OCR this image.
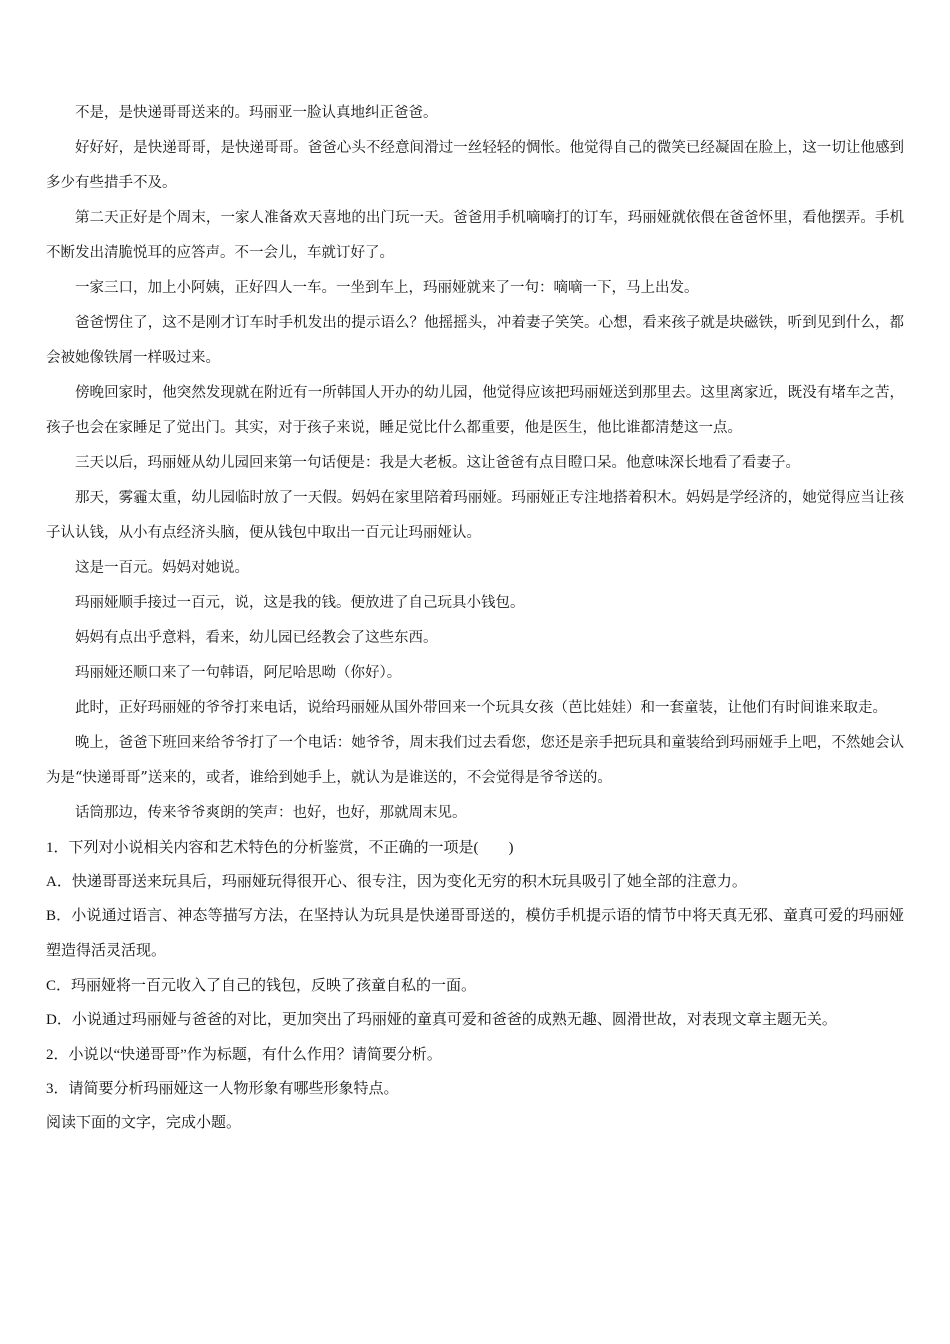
不是，是快递哥哥送来的。玛丽亚一脸认真地纠正爸爸。

好好好，是快递哥哥，是快递哥哥。爸爸心头不经意间滑过一丝轻轻的惆怅。他觉得自己的微笑已经凝固在脸上，这一切让他感到多少有些措手不及。

第二天正好是个周末，一家人准备欢天喜地的出门玩一天。爸爸用手机嘀嘀打的订车，玛丽娅就依偎在爸爸怀里，看他摆弄。手机不断发出清脆悦耳的应答声。不一会儿，车就订好了。

一家三口，加上小阿姨，正好四人一车。一坐到车上，玛丽娅就来了一句：嘀嘀一下，马上出发。

爸爸愣住了，这不是刚才订车时手机发出的提示语么？他摇摇头，冲着妻子笑笑。心想，看来孩子就是块磁铁，听到见到什么，都会被她像铁屑一样吸过来。

傍晚回家时，他突然发现就在附近有一所韩国人开办的幼儿园，他觉得应该把玛丽娅送到那里去。这里离家近，既没有堵车之苦，孩子也会在家睡足了觉出门。其实，对于孩子来说，睡足觉比什么都重要，他是医生，他比谁都清楚这一点。

三天以后，玛丽娅从幼儿园回来第一句话便是：我是大老板。这让爸爸有点目瞪口呆。他意味深长地看了看妻子。

那天，雾霾太重，幼儿园临时放了一天假。妈妈在家里陪着玛丽娅。玛丽娅正专注地搭着积木。妈妈是学经济的，她觉得应当让孩子认认钱，从小有点经济头脑，便从钱包中取出一百元让玛丽娅认。

这是一百元。妈妈对她说。

玛丽娅顺手接过一百元，说，这是我的钱。便放进了自己玩具小钱包。

妈妈有点出乎意料，看来，幼儿园已经教会了这些东西。

玛丽娅还顺口来了一句韩语，阿尼哈思呦（你好）。

此时，正好玛丽娅的爷爷打来电话，说给玛丽娅从国外带回来一个玩具女孩（芭比娃娃）和一套童装，让他们有时间谁来取走。

晚上，爸爸下班回来给爷爷打了一个电话：她爷爷，周末我们过去看您，您还是亲手把玩具和童装给到玛丽娅手上吧，不然她会认为是“快递哥哥”送来的，或者，谁给到她手上，就认为是谁送的，不会觉得是爷爷送的。

话筒那边，传来爷爷爽朗的笑声：也好，也好，那就周末见。

1．下列对小说相关内容和艺术特色的分析鉴赏，不正确的一项是(　　)

A．快递哥哥送来玩具后，玛丽娅玩得很开心、很专注，因为变化无穷的积木玩具吸引了她全部的注意力。

B．小说通过语言、神态等描写方法，在坚持认为玩具是快递哥哥送的，模仿手机提示语的情节中将天真无邪、童真可爱的玛丽娅塑造得活灵活现。

C．玛丽娅将一百元收入了自己的钱包，反映了孩童自私的一面。

D．小说通过玛丽娅与爸爸的对比，更加突出了玛丽娅的童真可爱和爸爸的成熟无趣、圆滑世故，对表现文章主题无关。

2．小说以“快递哥哥”作为标题，有什么作用？请简要分析。

3．请简要分析玛丽娅这一人物形象有哪些形象特点。

阅读下面的文字，完成小题。
